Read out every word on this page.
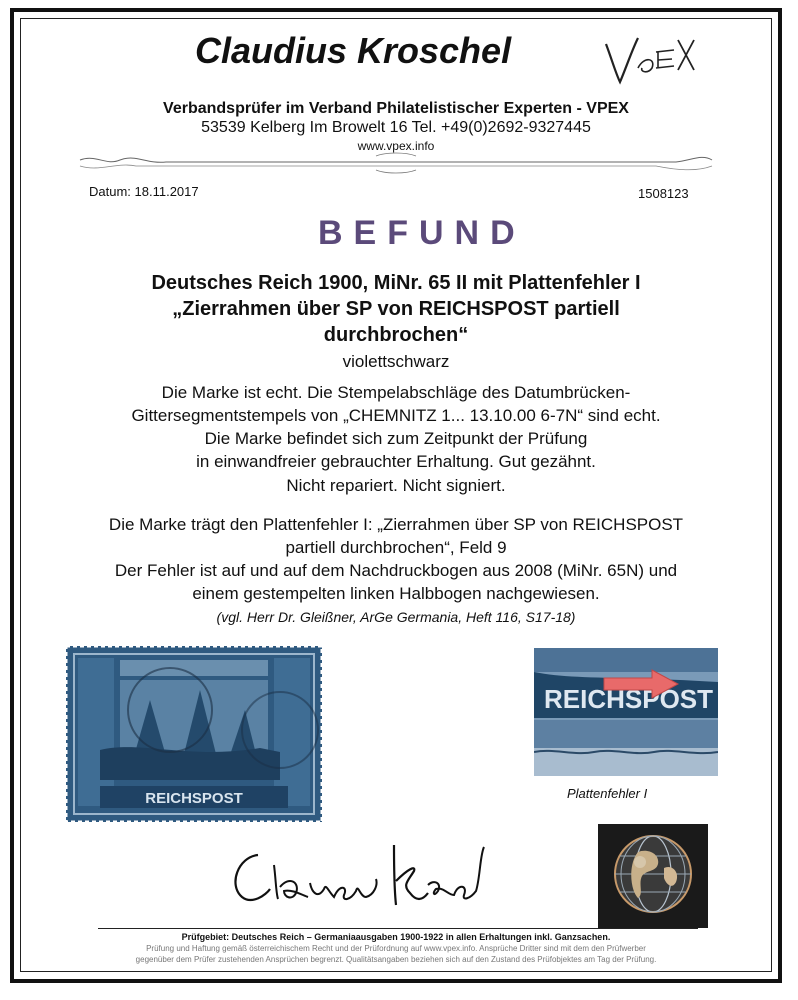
Claudius Kroschel
Verbandsprüfer im Verband Philatelistischer Experten - VPEX
53539 Kelberg Im Browelt 16 Tel. +49(0)2692-9327445
www.vpex.info
Datum: 18.11.2017	1508123
BEFUND
Deutsches Reich 1900, MiNr. 65 II mit Plattenfehler I
„Zierrahmen über SP von REICHSPOST partiell
durchbrochen“
violettschwarz
Die Marke ist echt. Die Stempelabschläge des Datumbrücken-
Gittersegmentstempels von „CHEMNITZ 1... 13.10.00 6-7N“ sind echt.
Die Marke befindet sich zum Zeitpunkt der Prüfung
in einwandfreier gebrauchter Erhaltung. Gut gezähnt.
Nicht repariert. Nicht signiert.
Die Marke trägt den Plattenfehler I: „Zierrahmen über SP von REICHSPOST
partiell durchbrochen“, Feld 9
Der Fehler ist auf und auf dem Nachdruckbogen aus 2008 (MiNr. 65N) und
einem gestempelten linken Halbbogen nachgewiesen.
(vgl. Herr Dr. Gleißner, ArGe Germania, Heft 116, S17-18)
REICHSPOST
REICHSPOST
Plattenfehler I
Prüfgebiet: Deutsches Reich – Germaniaausgaben 1900-1922 in allen Erhaltungen inkl. Ganzsachen.
Prüfung und Haftung gemäß österreichischem Recht und der Prüfordnung auf www.vpex.info. Ansprüche Dritter sind mit dem den Prüfwerber
gegenüber dem Prüfer zustehenden Ansprüchen begrenzt. Qualitätsangaben beziehen sich auf den Zustand des Prüfobjektes am Tag der Prüfung.
